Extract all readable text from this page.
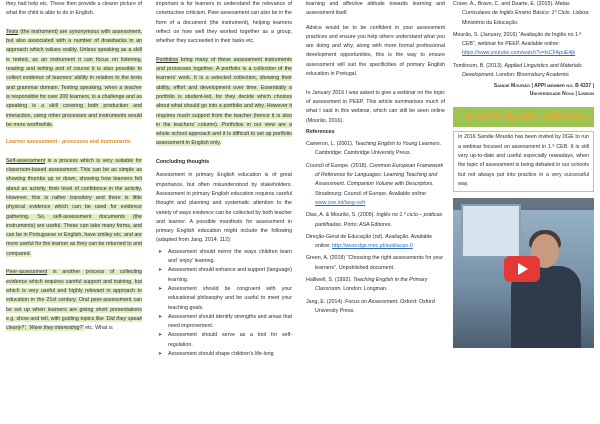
they had help etc. These then provide a clearer picture of what the child is able to do in English.

Tests (the instrument) are synonymous with assessment, but also associated with a number of drawbacks in an approach which values orality. Unless speaking as a skill is tested, as an instrument it can focus on listening, reading and writing and of course it is also possible to collect evidence of learners’ ability in relation to the texts and grammar domain. Testing speaking, when a teacher is responsible for over 200 learners, is a challenge and as speaking is a skill covering both production and interaction, using other processes and instruments would be more worthwhile.

Learner assessment - processes and instruments

Self-assessment is a process which is very suitable for classroom-based assessment. This can be as simple as showing thumbs up or down, showing how learners felt about an activity, their level of confidence in the activity. However, this is rather transitory and there is little physical evidence which can be used for evidence gathering. So, self-assessment documents (the instruments) are useful. These can take many forms, and can be in Portuguese or English, have smiley etc. and are more useful for the learner as they can be returned to and compared.

Peer-assessment is another process of collecting evidence which requires careful support and training, but which is very useful and highly relevant in approach to education in the 21st century. Oral peer-assessment can be set up when learners are giving short presentations e.g. show and tell, with guiding topics like ‘Did they speak clearly?’, ‘Were they interesting?’ etc. What is

important is for learners to understand the relevance of constructive criticism. Peer-assessment can also be in the form of a document (the instrument), helping learners reflect on how well they worked together as a group, whether they succeeded in their tasks etc.

Portfolios bring many of these assessment instruments and processes together. A portfolio is a collection of the learners’ work. It is a selected collection, showing their ability, effort and development over time. Essentially a portfolio is student-led, for they decide which choices about what should go into a portfolio and why. However it requires much support from the teacher (hence it is also in the teachers’ column). Portfolios in our view are a whole school approach and it is difficult to set up portfolio assessment in English only.

Concluding thoughts

Assessment in primary English education is of great importance, but often misunderstood by stakeholders. Assessment in primary English education requires careful thought and planning and systematic attention to the variety of ways evidence can be collected by both teacher and learner. A possible manifesto for assessment in primary English education might include the following (adapted from Jang, 2014: 112):

➤ Assessment should mirror the ways children learn and ‘enjoy’ learning.
➤ Assessment should enhance and support (language) learning.
➤ Assessment should be congruent with your educational philosophy and be useful to meet your teaching goals.
➤ Assessment should identify strengths and areas that need improvement.
➤ Assessment should serve as a tool for self-regulation.
➤ Assessment should shape children’s life-long

learning and affective attitude towards learning and assessment itself.

Advice would be to be confident in your assessment practices and ensure you help others understand what you are doing and why, along with more formal professional development opportunities, this is the way to ensure assessment will suit the specificities of primary English education in Portugal.

In January 2016 I was asked to give a webinar on the topic of assessment in PEEP. This article summarises much of what I said in this webinar, which can still be seen online (Mourão, 2016).

References

Cameron, L. (2001). Teaching English to Young Learners. Cambridge: Cambridge University Press.

Council of Europe. (2018). Common European Framework of Reference for Languages: Learning Teaching and Assessment. Companion Volume with Descriptors. Strasbourg: Council of Europe. Available online: www.coe.int/lang-cefr

Dias, A. & Mourão, S. (2005). Inglês no 1.º ciclo – práticas partilhadas. Porto: ASA Editores.

Direção-Geral de Educação (nd). Avaliação. Available online: http://www.dge.mec.pt/avaliacao-0

Green, A. (2018) “Choosing the right assessments for your learners”. Unpublished document.

Halliwell, S. (1992). Teaching English in the Primary Classroom. London: Longman.

Jang, E. (2014). Focus on Assessment. Oxford: Oxford University Press.

Crave, A., Bravo, C. and Duarte, E. (2015). Metas Curriculares de Inglês Ensino Básico: 1º Ciclo. Lisboa: Ministério da Educação.

Mourão, S. (January, 2016) “Avaliação de Inglês no 1.º CEB”, webinar for PEEP. Available online: https://www.youtube.com/watch?v=lsCFApuE4jk

Tomlinson, B. (2013). Applied Linguistics and Materials Development. London: Bloomsbury Academic

Sandie Mourão | APPI member no. B 4337 |
Universidade Nova | Lisbon
A note by the editors...
In 2016 Sandie Mourão has been invited by DGE to run a webinar focused on assessment in 1.º CEB. It is still very up-to-date and useful especially nowadays, when the topic of assessment is being debated in our schools but not always put into practice in a very successful way.
